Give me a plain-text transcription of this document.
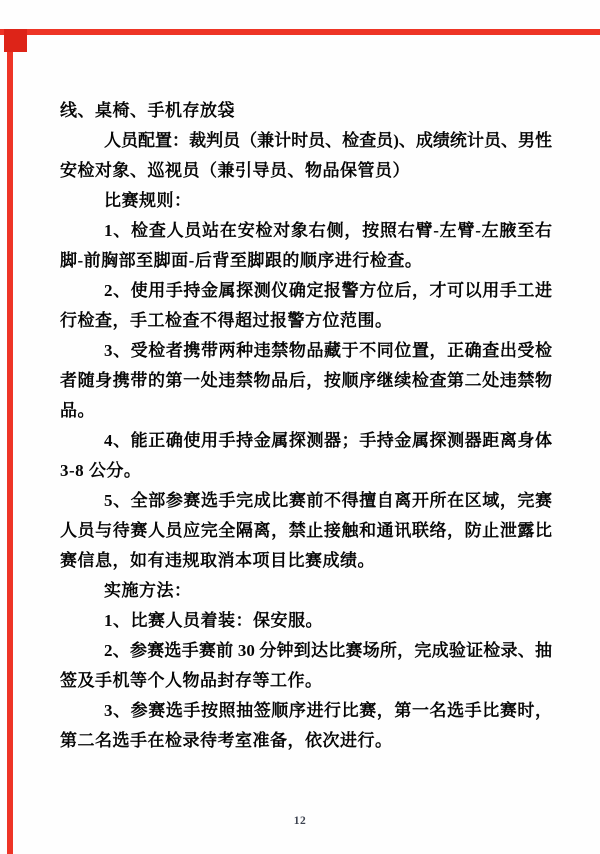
线、桌椅、手机存放袋
人员配置：裁判员（兼计时员、检查员)、成绩统计员、男性
安检对象、巡视员（兼引导员、物品保管员）
比赛规则：
1、检查人员站在安检对象右侧，按照右臂-左臂-左腋至右
脚-前胸部至脚面-后背至脚跟的顺序进行检查。
2、使用手持金属探测仪确定报警方位后，才可以用手工进
行检查，手工检查不得超过报警方位范围。
3、受检者携带两种违禁物品藏于不同位置，正确查出受检
者随身携带的第一处违禁物品后，按顺序继续检查第二处违禁物
品。
4、能正确使用手持金属探测器；手持金属探测器距离身体
3-8 公分。
5、全部参赛选手完成比赛前不得擅自离开所在区域，完赛
人员与待赛人员应完全隔离，禁止接触和通讯联络，防止泄露比
赛信息，如有违规取消本项目比赛成绩。
实施方法：
1、比赛人员着装：保安服。
2、参赛选手赛前 30 分钟到达比赛场所，完成验证检录、抽
签及手机等个人物品封存等工作。
3、参赛选手按照抽签顺序进行比赛，第一名选手比赛时，
第二名选手在检录待考室准备，依次进行。
12
